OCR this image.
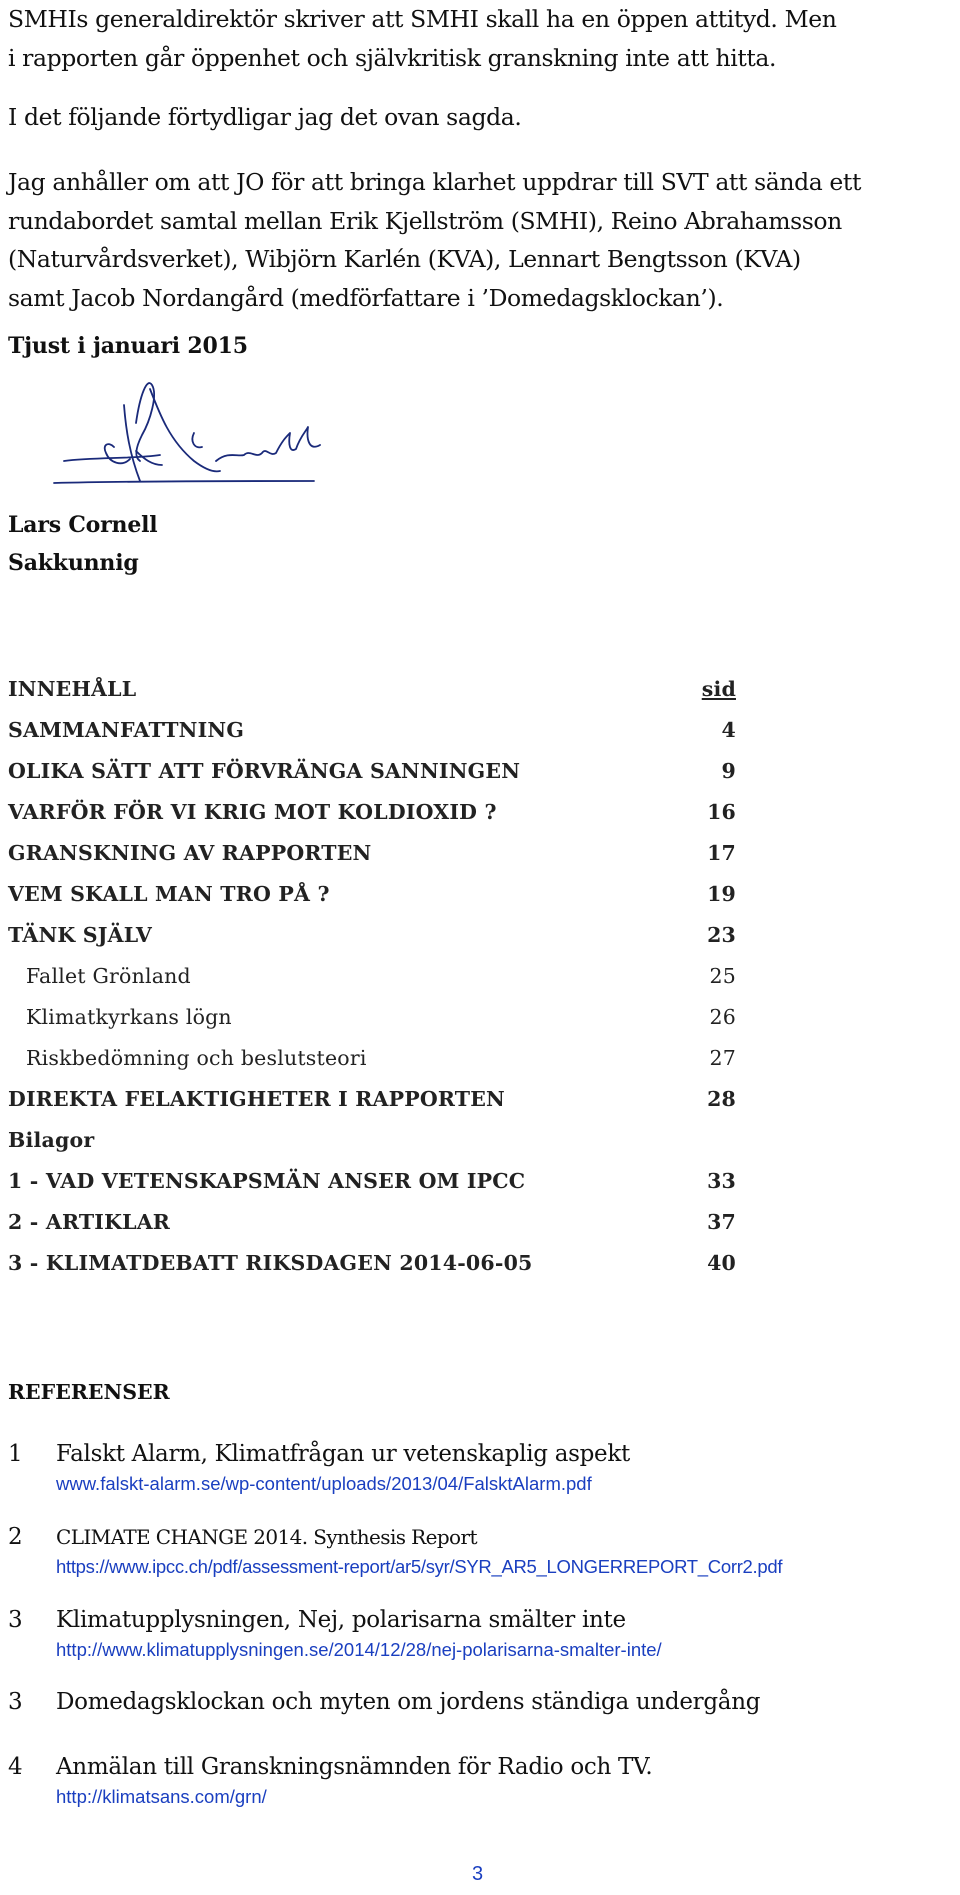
SMHIs generaldirektör skriver att SMHI skall ha en öppen attityd. Men

i rapporten går öppenhet och självkritisk granskning inte att hitta.

I det följande förtydligar jag det ovan sagda.

Jag anhåller om att JO för att bringa klarhet uppdrar till SVT att sända ett

rundabordet samtal mellan Erik Kjellström (SMHI), Reino Abrahamsson

(Naturvårdsverket), Wibjörn Karlén (KVA), Lennart Bengtsson (KVA)

samt Jacob Nordangård (medförfattare i ’Domedagsklockan’).

Tjust i januari 2015
Lars Cornell
Sakkunnig
INNEHÅLL	sid
SAMMANFATTNING	4
OLIKA SÄTT ATT FÖRVRÄNGA SANNINGEN	9
VARFÖR FÖR VI KRIG MOT KOLDIOXID ?	16
GRANSKNING AV RAPPORTEN	17
VEM SKALL MAN TRO PÅ ?	19
TÄNK SJÄLV	23
Fallet Grönland	25
Klimatkyrkans lögn	26
Riskbedömning och beslutsteori	27
DIREKTA FELAKTIGHETER I RAPPORTEN	28
Bilagor
1 - VAD VETENSKAPSMÄN ANSER OM IPCC	33
2 - ARTIKLAR	37
3 - KLIMATDEBATT RIKSDAGEN 2014-06-05	40
REFERENSER
1 Falskt Alarm, Klimatfrågan ur vetenskaplig aspekt
www.falskt-alarm.se/wp-content/uploads/2013/04/FalsktAlarm.pdf
2 CLIMATE CHANGE 2014. Synthesis Report
https://www.ipcc.ch/pdf/assessment-report/ar5/syr/SYR_AR5_LONGERREPORT_Corr2.pdf
3 Klimatupplysningen, Nej, polarisarna smälter inte
http://www.klimatupplysningen.se/2014/12/28/nej-polarisarna-smalter-inte/
3 Domedagsklockan och myten om jordens ständiga undergång
4 Anmälan till Granskningsnämnden för Radio och TV.
http://klimatsans.com/grn/
3
